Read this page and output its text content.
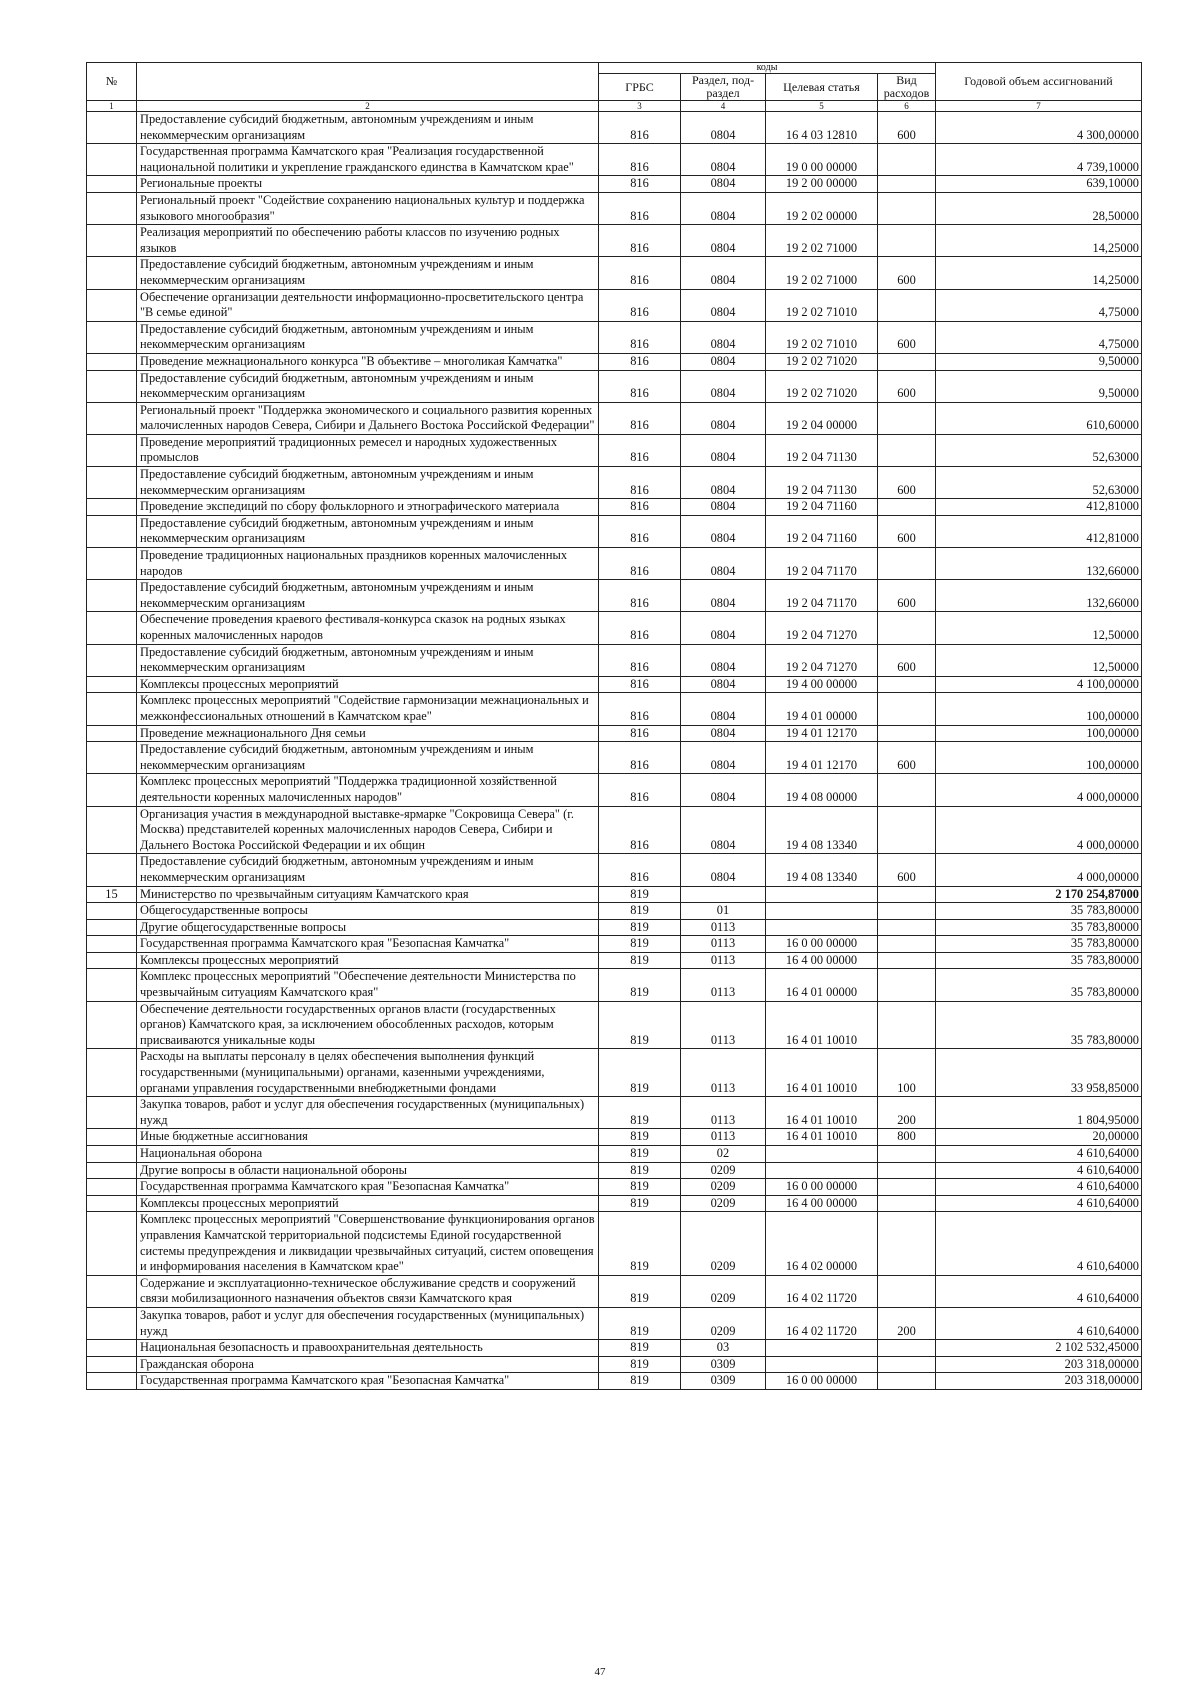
№		коды				Годовой объем ассигнований
		ГРБС	Раздел, под-раздел	Целевая статья	Вид расходов	
1	2	3	4	5	6	7
	Предоставление субсидий бюджетным, автономным учреждениям и иным некоммерческим организациям	816	0804	16 4 03 12810	600	4 300,00000
	Государственная программа Камчатского края "Реализация государственной национальной политики и укрепление гражданского единства в Камчатском крае"	816	0804	19 0 00 00000		4 739,10000
	Региональные проекты	816	0804	19 2 00 00000		639,10000
	Региональный проект "Содействие сохранению национальных культур и поддержка языкового многообразия"	816	0804	19 2 02 00000		28,50000
	Реализация мероприятий по обеспечению работы классов по изучению родных языков	816	0804	19 2 02 71000		14,25000
	Предоставление субсидий бюджетным, автономным учреждениям и иным некоммерческим организациям	816	0804	19 2 02 71000	600	14,25000
	Обеспечение организации деятельности информационно-просветительского центра "В семье единой"	816	0804	19 2 02 71010		4,75000
	Предоставление субсидий бюджетным, автономным учреждениям и иным некоммерческим организациям	816	0804	19 2 02 71010	600	4,75000
	Проведение межнационального конкурса "В объективе – многоликая Камчатка"	816	0804	19 2 02 71020		9,50000
	Предоставление субсидий бюджетным, автономным учреждениям и иным некоммерческим организациям	816	0804	19 2 02 71020	600	9,50000
	Региональный проект "Поддержка экономического и социального развития коренных малочисленных народов Севера, Сибири и Дальнего Востока Российской Федерации"	816	0804	19 2 04 00000		610,60000
	Проведение мероприятий традиционных ремесел и народных художественных промыслов	816	0804	19 2 04 71130		52,63000
	Предоставление субсидий бюджетным, автономным учреждениям и иным некоммерческим организациям	816	0804	19 2 04 71130	600	52,63000
	Проведение экспедиций по сбору фольклорного и этнографического материала	816	0804	19 2 04 71160		412,81000
	Предоставление субсидий бюджетным, автономным учреждениям и иным некоммерческим организациям	816	0804	19 2 04 71160	600	412,81000
	Проведение традиционных национальных праздников коренных малочисленных народов	816	0804	19 2 04 71170		132,66000
	Предоставление субсидий бюджетным, автономным учреждениям и иным некоммерческим организациям	816	0804	19 2 04 71170	600	132,66000
	Обеспечение проведения краевого фестиваля-конкурса сказок на родных языках коренных малочисленных народов	816	0804	19 2 04 71270		12,50000
	Предоставление субсидий бюджетным, автономным учреждениям и иным некоммерческим организациям	816	0804	19 2 04 71270	600	12,50000
	Комплексы процессных мероприятий	816	0804	19 4 00 00000		4 100,00000
	Комплекс процессных мероприятий "Содействие гармонизации межнациональных и межконфессиональных отношений в Камчатском крае"	816	0804	19 4 01 00000		100,00000
	Проведение межнационального Дня семьи	816	0804	19 4 01 12170		100,00000
	Предоставление субсидий бюджетным, автономным учреждениям и иным некоммерческим организациям	816	0804	19 4 01 12170	600	100,00000
	Комплекс процессных мероприятий "Поддержка традиционной хозяйственной деятельности коренных малочисленных народов"	816	0804	19 4 08 00000		4 000,00000
	Организация участия в международной выставке-ярмарке "Сокровища Севера" (г. Москва) представителей коренных малочисленных народов Севера, Сибири и Дальнего Востока Российской Федерации и их общин	816	0804	19 4 08 13340		4 000,00000
	Предоставление субсидий бюджетным, автономным учреждениям и иным некоммерческим организациям	816	0804	19 4 08 13340	600	4 000,00000
15	Министерство по чрезвычайным ситуациям Камчатского края	819				2 170 254,87000
	Общегосударственные вопросы	819	01			35 783,80000
	Другие общегосударственные вопросы	819	0113			35 783,80000
	Государственная программа Камчатского края "Безопасная Камчатка"	819	0113	16 0 00 00000		35 783,80000
	Комплексы процессных мероприятий	819	0113	16 4 00 00000		35 783,80000
	Комплекс процессных мероприятий "Обеспечение деятельности Министерства по чрезвычайным ситуациям Камчатского края"	819	0113	16 4 01 00000		35 783,80000
	Обеспечение деятельности государственных органов власти (государственных органов) Камчатского края, за исключением обособленных расходов, которым присваиваются уникальные коды	819	0113	16 4 01 10010		35 783,80000
	Расходы на выплаты персоналу в целях обеспечения выполнения функций государственными (муниципальными) органами, казенными учреждениями, органами управления государственными внебюджетными фондами	819	0113	16 4 01 10010	100	33 958,85000
	Закупка товаров, работ и услуг для обеспечения государственных (муниципальных) нужд	819	0113	16 4 01 10010	200	1 804,95000
	Иные бюджетные ассигнования	819	0113	16 4 01 10010	800	20,00000
	Национальная оборона	819	02			4 610,64000
	Другие вопросы в области национальной обороны	819	0209			4 610,64000
	Государственная программа Камчатского края "Безопасная Камчатка"	819	0209	16 0 00 00000		4 610,64000
	Комплексы процессных мероприятий	819	0209	16 4 00 00000		4 610,64000
	Комплекс процессных мероприятий "Совершенствование функционирования органов управления Камчатской территориальной подсистемы Единой государственной системы предупреждения и ликвидации чрезвычайных ситуаций, систем оповещения и информирования населения в Камчатском крае"	819	0209	16 4 02 00000		4 610,64000
	Содержание и эксплуатационно-техническое обслуживание средств и сооружений связи мобилизационного назначения объектов связи Камчатского края	819	0209	16 4 02 11720		4 610,64000
	Закупка товаров, работ и услуг для обеспечения государственных (муниципальных) нужд	819	0209	16 4 02 11720	200	4 610,64000
	Национальная безопасность и правоохранительная деятельность	819	03			2 102 532,45000
	Гражданская оборона	819	0309			203 318,00000
	Государственная программа Камчатского края "Безопасная Камчатка"	819	0309	16 0 00 00000		203 318,00000
47
